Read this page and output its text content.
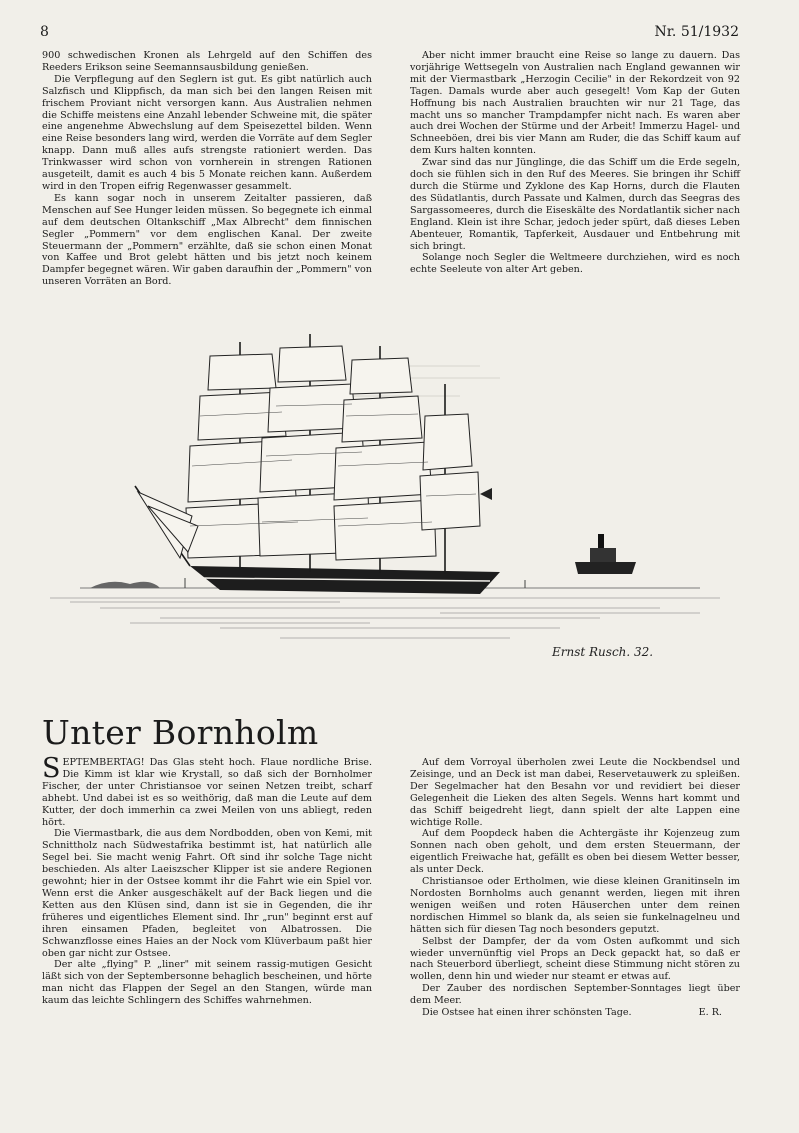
8	Nr. 51/1932

900 schwedischen Kronen als Lehrgeld auf den Schiffen des Reeders Erikson seine Seemannsausbildung genießen.

Die Verpflegung auf den Seglern ist gut. Es gibt natürlich auch Salzfisch und Klippfisch, da man sich bei den langen Reisen mit frischem Proviant nicht versorgen kann. Aus Australien nehmen die Schiffe meistens eine Anzahl lebender Schweine mit, die später eine angenehme Abwechslung auf dem Speisezettel bilden. Wenn eine Reise besonders lang wird, werden die Vorräte auf dem Segler knapp. Dann muß alles aufs strengste rationiert werden. Das Trinkwasser wird schon von vornherein in strengen Rationen ausgeteilt, damit es auch 4 bis 5 Monate reichen kann. Außerdem wird in den Tropen eifrig Regenwasser gesammelt.

Es kann sogar noch in unserem Zeitalter passieren, daß Menschen auf See Hunger leiden müssen. So begegnete ich einmal auf dem deutschen Oltankschiff „Max Albrecht" dem finnischen Segler „Pommern" vor dem englischen Kanal. Der zweite Steuermann der „Pommern" erzählte, daß sie schon einen Monat von Kaffee und Brot gelebt hätten und bis jetzt noch keinem Dampfer begegnet wären. Wir gaben daraufhin der „Pommern" von unseren Vorräten an Bord.

Aber nicht immer braucht eine Reise so lange zu dauern. Das vorjährige Wettsegeln von Australien nach England gewannen wir mit der Viermastbark „Herzogin Cecilie" in der Rekordzeit von 92 Tagen. Damals wurde aber auch gesegelt! Vom Kap der Guten Hoffnung bis nach Australien brauchten wir nur 21 Tage, das macht uns so mancher Trampdampfer nicht nach. Es waren aber auch drei Wochen der Stürme und der Arbeit! Immerzu Hagel- und Schneeböen, drei bis vier Mann am Ruder, die das Schiff kaum auf dem Kurs halten konnten.

Zwar sind das nur Jünglinge, die das Schiff um die Erde segeln, doch sie fühlen sich in den Ruf des Meeres. Sie bringen ihr Schiff durch die Stürme und Zyklone des Kap Horns, durch die Flauten des Südatlantis, durch Passate und Kalmen, durch das Seegras des Sargassomeeres, durch die Eiseskälte des Nordatlantik sicher nach England. Klein ist ihre Schar, jedoch jeder spürt, daß dieses Leben Abenteuer, Romantik, Tapferkeit, Ausdauer und Entbehrung mit sich bringt.

Solange noch Segler die Weltmeere durchziehen, wird es noch echte Seeleute von alter Art geben.

Ernst Rusch. 32.
Unter Bornholm

SEPTEMBERTAG! Das Glas steht hoch. Flaue nordliche Brise. Die Kimm ist klar wie Krystall, so daß sich der Bornholmer Fischer, der unter Christiansoe vor seinen Netzen treibt, scharf abhebt. Und dabei ist es so weithörig, daß man die Leute auf dem Kutter, der doch immerhin ca zwei Meilen von uns abliegt, reden hört.

Die Viermastbark, die aus dem Nordbodden, oben von Kemi, mit Schnittholz nach Südwestafrika bestimmt ist, hat natürlich alle Segel bei. Sie macht wenig Fahrt. Oft sind ihr solche Tage nicht beschieden. Als alter Laeiszscher Klipper ist sie andere Regionen gewohnt; hier in der Ostsee kommt ihr die Fahrt wie ein Spiel vor. Wenn erst die Anker ausgeschäkelt auf der Back liegen und die Ketten aus den Klüsen sind, dann ist sie in Gegenden, die ihr früheres und eigentliches Element sind. Ihr „run" beginnt erst auf ihren einsamen Pfaden, begleitet von Albatrossen. Die Schwanzflosse eines Haies an der Nock vom Klüverbaum paßt hier oben gar nicht zur Ostsee.

Der alte „flying" P. „liner" mit seinem rassig-mutigen Gesicht läßt sich von der Septembersonne behaglich bescheinen, und hörte man nicht das Flappen der Segel an den Stangen, würde man kaum das leichte Schlingern des Schiffes wahrnehmen.

Auf dem Vorroyal überholen zwei Leute die Nockbendsel und Zeisinge, und an Deck ist man dabei, Reservetauwerk zu spleißen. Der Segelmacher hat den Besahn vor und revidiert bei dieser Gelegenheit die Lieken des alten Segels. Wenns hart kommt und das Schiff beigedreht liegt, dann spielt der alte Lappen eine wichtige Rolle.

Auf dem Poopdeck haben die Achtergäste ihr Kojenzeug zum Sonnen nach oben geholt, und dem ersten Steuermann, der eigentlich Freiwache hat, gefällt es oben bei diesem Wetter besser, als unter Deck.

Christiansoe oder Ertholmen, wie diese kleinen Granitinseln im Nordosten Bornholms auch genannt werden, liegen mit ihren wenigen weißen und roten Häuserchen unter dem reinen nordischen Himmel so blank da, als seien sie funkelnagelneu und hätten sich für diesen Tag noch besonders geputzt.

Selbst der Dampfer, der da vom Osten aufkommt und sich wieder unvernünftig viel Props an Deck gepackt hat, so daß er nach Steuerbord überliegt, scheint diese Stimmung nicht stören zu wollen, denn hin und wieder nur steamt er etwas auf.

Der Zauber des nordischen September-Sonntages liegt über dem Meer.

Die Ostsee hat einen ihrer schönsten Tage.	E. R.
